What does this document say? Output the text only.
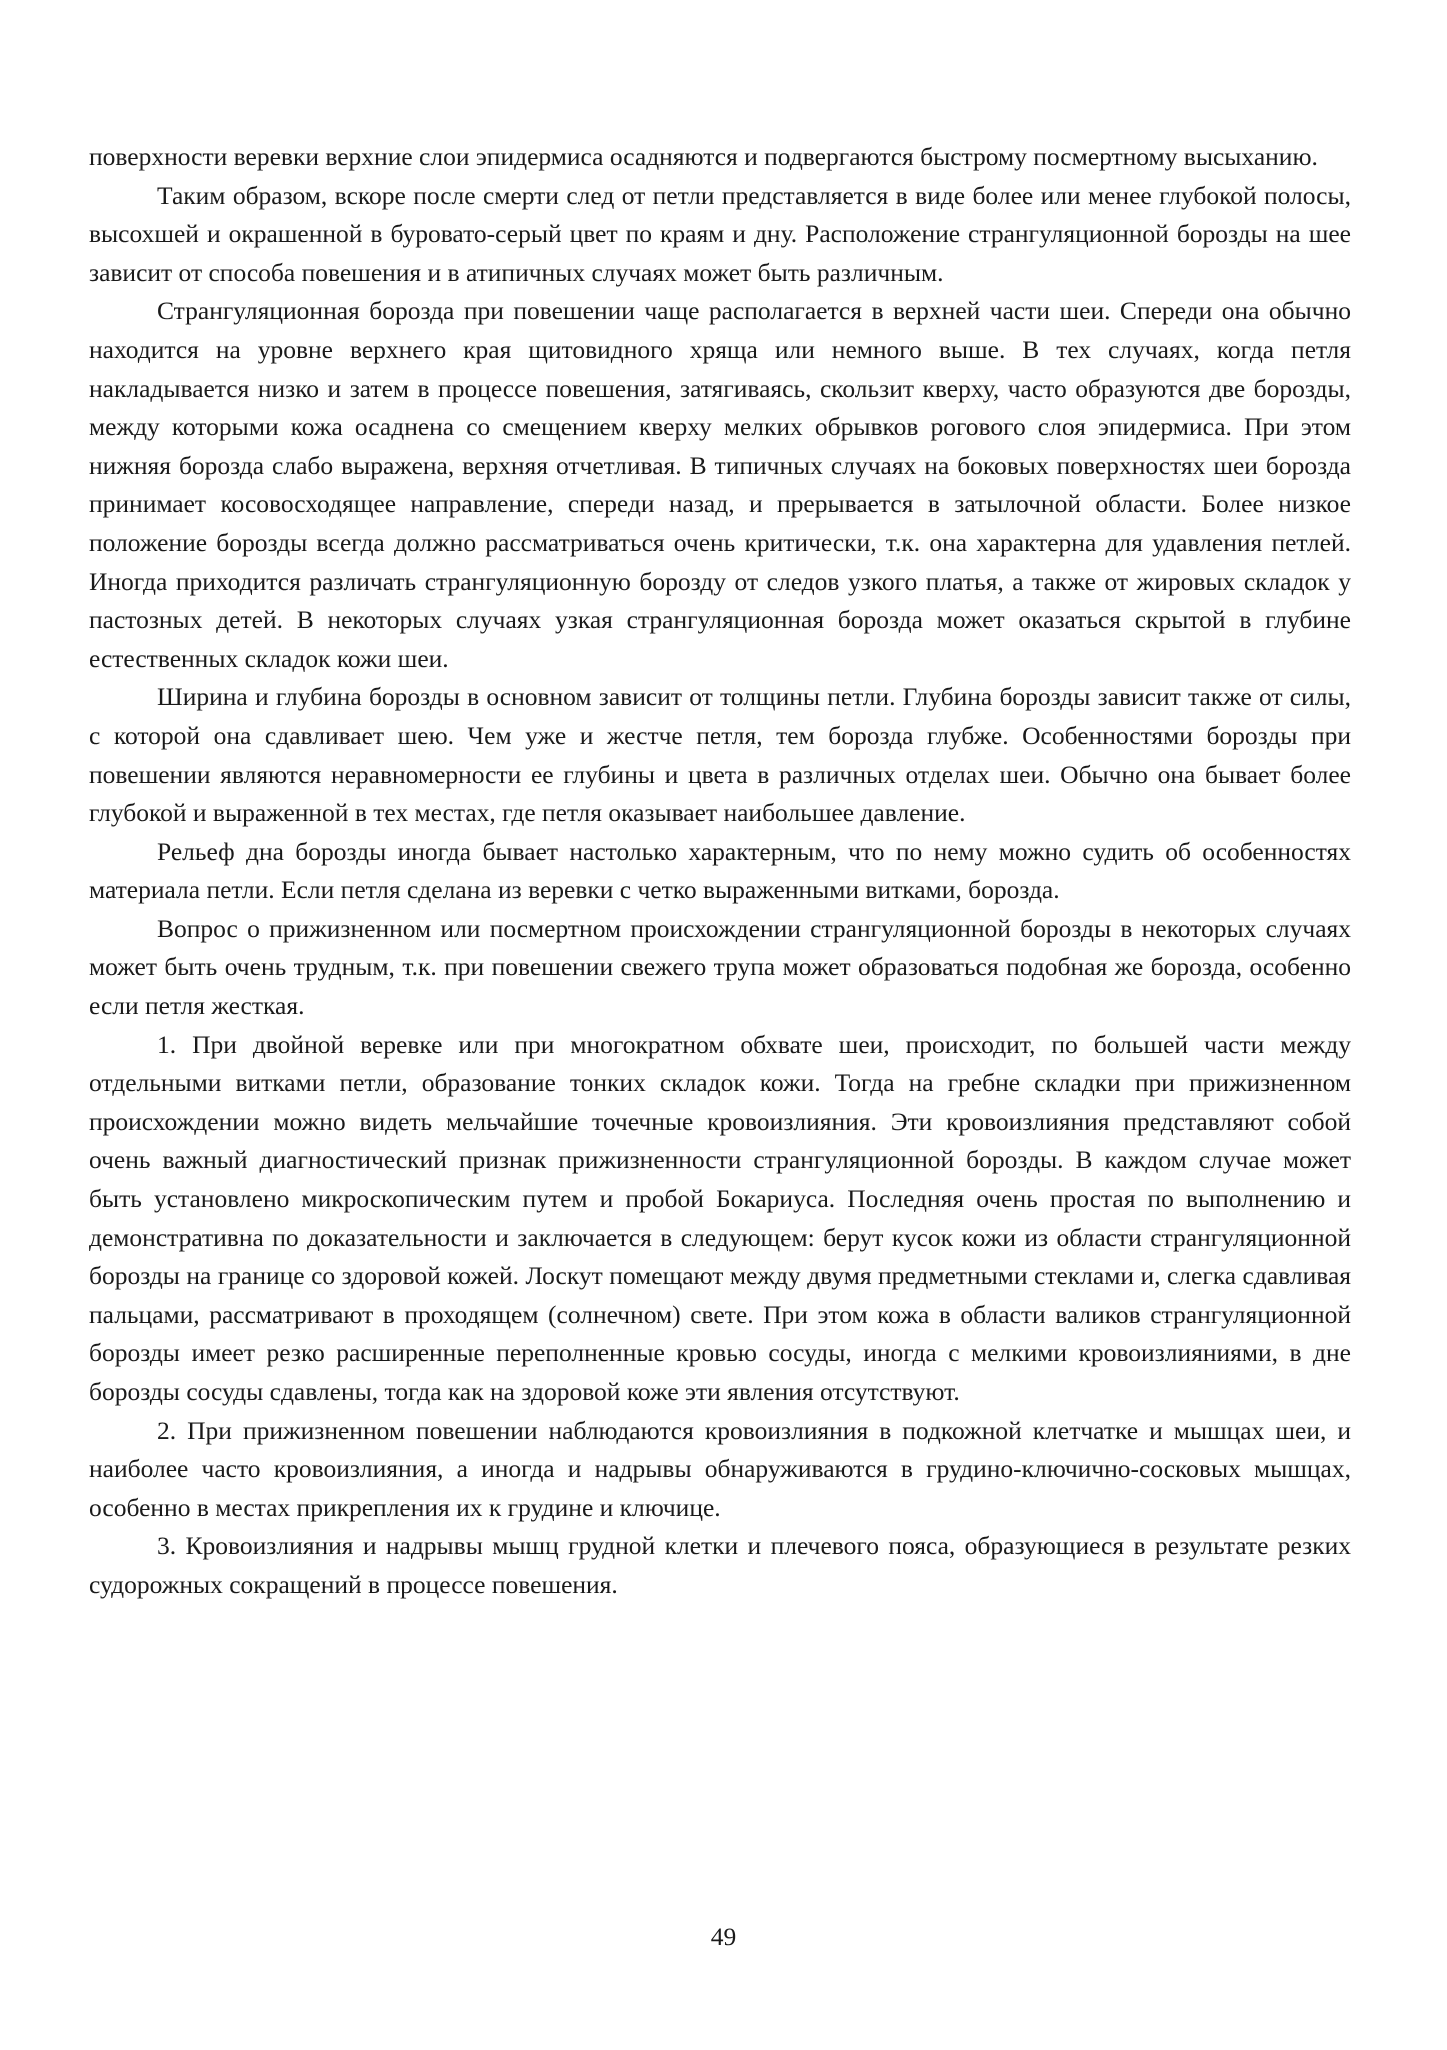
поверхности веревки верхние слои эпидермиса осадняются и подвергаются быстрому посмертному высыханию.

Таким образом, вскоре после смерти след от петли представляется в виде более или менее глубокой полосы, высохшей и окрашенной в буровато-серый цвет по краям и дну. Расположение странгуляционной борозды на шее зависит от способа повешения и в атипичных случаях может быть различным.

Странгуляционная борозда при повешении чаще располагается в верхней части шеи. Спереди она обычно находится на уровне верхнего края щитовидного хряща или немного выше. В тех случаях, когда петля накладывается низко и затем в процессе повешения, затягиваясь, скользит кверху, часто образуются две борозды, между которыми кожа осаднена со смещением кверху мелких обрывков рогового слоя эпидермиса. При этом нижняя борозда слабо выражена, верхняя отчетливая. В типичных случаях на боковых поверхностях шеи борозда принимает косовосходящее направление, спереди назад, и прерывается в затылочной области. Более низкое положение борозды всегда должно рассматриваться очень критически, т.к. она характерна для удавления петлей. Иногда приходится различать странгуляционную борозду от следов узкого платья, а также от жировых складок у пастозных детей. В некоторых случаях узкая странгуляционная борозда может оказаться скрытой в глубине естественных складок кожи шеи.

Ширина и глубина борозды в основном зависит от толщины петли. Глубина борозды зависит также от силы, с которой она сдавливает шею. Чем уже и жестче петля, тем борозда глубже. Особенностями борозды при повешении являются неравномерности ее глубины и цвета в различных отделах шеи. Обычно она бывает более глубокой и выраженной в тех местах, где петля оказывает наибольшее давление.

Рельеф дна борозды иногда бывает настолько характерным, что по нему можно судить об особенностях материала петли. Если петля сделана из веревки с четко выраженными витками, борозда.

Вопрос о прижизненном или посмертном происхождении странгуляционной борозды в некоторых случаях может быть очень трудным, т.к. при повешении свежего трупа может образоваться подобная же борозда, особенно если петля жесткая.

1. При двойной веревке или при многократном обхвате шеи, происходит, по большей части между отдельными витками петли, образование тонких складок кожи. Тогда на гребне складки при прижизненном происхождении можно видеть мельчайшие точечные кровоизлияния. Эти кровоизлияния представляют собой очень важный диагностический признак прижизненности странгуляционной борозды. В каждом случае может быть установлено микроскопическим путем и пробой Бокариуса. Последняя очень простая по выполнению и демонстративна по доказательности и заключается в следующем: берут кусок кожи из области странгуляционной борозды на границе со здоровой кожей. Лоскут помещают между двумя предметными стеклами и, слегка сдавливая пальцами, рассматривают в проходящем (солнечном) свете. При этом кожа в области валиков странгуляционной борозды имеет резко расширенные переполненные кровью сосуды, иногда с мелкими кровоизлияниями, в дне борозды сосуды сдавлены, тогда как на здоровой коже эти явления отсутствуют.

2. При прижизненном повешении наблюдаются кровоизлияния в подкожной клетчатке и мышцах шеи, и наиболее часто кровоизлияния, а иногда и надрывы обнаруживаются в грудино-ключично-сосковых мышцах, особенно в местах прикрепления их к грудине и ключице.

3. Кровоизлияния и надрывы мышц грудной клетки и плечевого пояса, образующиеся в результате резких судорожных сокращений в процессе повешения.

49
